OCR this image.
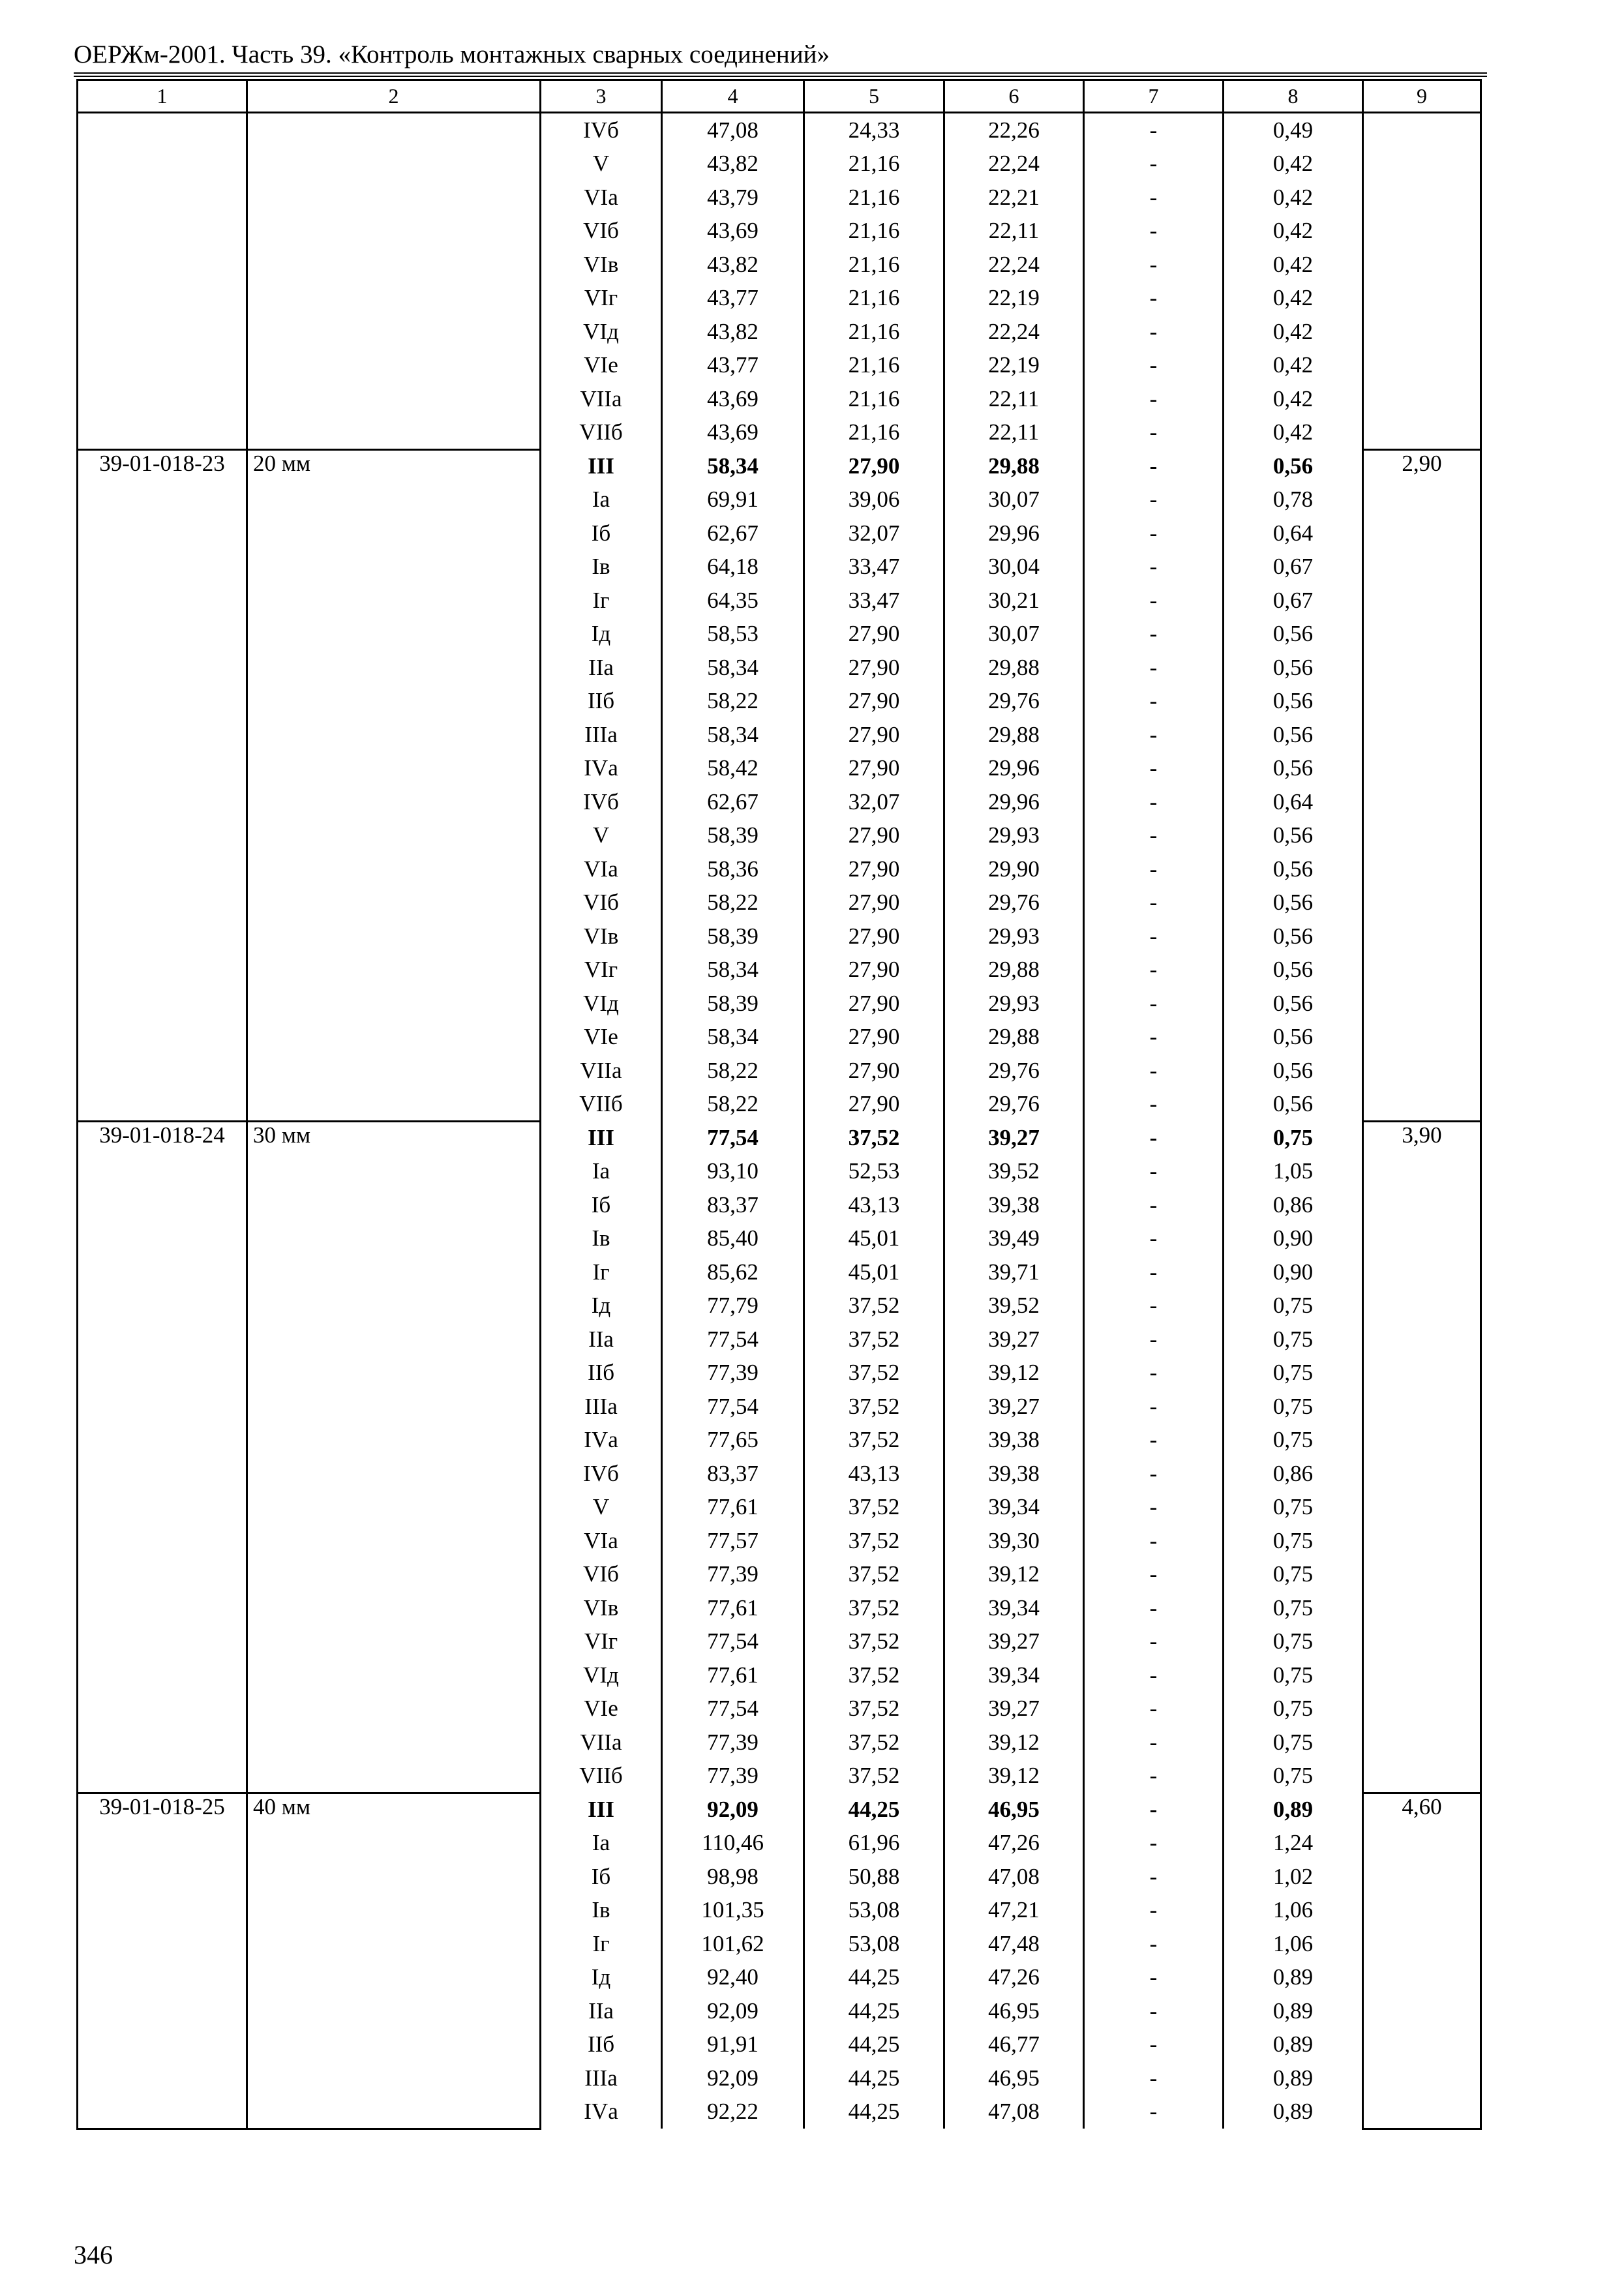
ОЕРЖм-2001. Часть 39. «Контроль монтажных сварных соединений»
1	2	3	4	5	6	7	8	9
		IVб	47,08	24,33	22,26	-	0,49	
		V	43,82	21,16	22,24	-	0,42	
		VIа	43,79	21,16	22,21	-	0,42	
		VIб	43,69	21,16	22,11	-	0,42	
		VIв	43,82	21,16	22,24	-	0,42	
		VIг	43,77	21,16	22,19	-	0,42	
		VIд	43,82	21,16	22,24	-	0,42	
		VIе	43,77	21,16	22,19	-	0,42	
		VIIа	43,69	21,16	22,11	-	0,42	
		VIIб	43,69	21,16	22,11	-	0,42	
39-01-018-23	20 мм	III	58,34	27,90	29,88	-	0,56	2,90
		Iа	69,91	39,06	30,07	-	0,78	
		Iб	62,67	32,07	29,96	-	0,64	
		Iв	64,18	33,47	30,04	-	0,67	
		Iг	64,35	33,47	30,21	-	0,67	
		Iд	58,53	27,90	30,07	-	0,56	
		IIа	58,34	27,90	29,88	-	0,56	
		IIб	58,22	27,90	29,76	-	0,56	
		IIIа	58,34	27,90	29,88	-	0,56	
		IVа	58,42	27,90	29,96	-	0,56	
		IVб	62,67	32,07	29,96	-	0,64	
		V	58,39	27,90	29,93	-	0,56	
		VIа	58,36	27,90	29,90	-	0,56	
		VIб	58,22	27,90	29,76	-	0,56	
		VIв	58,39	27,90	29,93	-	0,56	
		VIг	58,34	27,90	29,88	-	0,56	
		VIд	58,39	27,90	29,93	-	0,56	
		VIе	58,34	27,90	29,88	-	0,56	
		VIIа	58,22	27,90	29,76	-	0,56	
		VIIб	58,22	27,90	29,76	-	0,56	
39-01-018-24	30 мм	III	77,54	37,52	39,27	-	0,75	3,90
		Iа	93,10	52,53	39,52	-	1,05	
		Iб	83,37	43,13	39,38	-	0,86	
		Iв	85,40	45,01	39,49	-	0,90	
		Iг	85,62	45,01	39,71	-	0,90	
		Iд	77,79	37,52	39,52	-	0,75	
		IIа	77,54	37,52	39,27	-	0,75	
		IIб	77,39	37,52	39,12	-	0,75	
		IIIа	77,54	37,52	39,27	-	0,75	
		IVа	77,65	37,52	39,38	-	0,75	
		IVб	83,37	43,13	39,38	-	0,86	
		V	77,61	37,52	39,34	-	0,75	
		VIа	77,57	37,52	39,30	-	0,75	
		VIб	77,39	37,52	39,12	-	0,75	
		VIв	77,61	37,52	39,34	-	0,75	
		VIг	77,54	37,52	39,27	-	0,75	
		VIд	77,61	37,52	39,34	-	0,75	
		VIе	77,54	37,52	39,27	-	0,75	
		VIIа	77,39	37,52	39,12	-	0,75	
		VIIб	77,39	37,52	39,12	-	0,75	
39-01-018-25	40 мм	III	92,09	44,25	46,95	-	0,89	4,60
		Iа	110,46	61,96	47,26	-	1,24	
		Iб	98,98	50,88	47,08	-	1,02	
		Iв	101,35	53,08	47,21	-	1,06	
		Iг	101,62	53,08	47,48	-	1,06	
		Iд	92,40	44,25	47,26	-	0,89	
		IIа	92,09	44,25	46,95	-	0,89	
		IIб	91,91	44,25	46,77	-	0,89	
		IIIа	92,09	44,25	46,95	-	0,89	
		IVа	92,22	44,25	47,08	-	0,89	
346
